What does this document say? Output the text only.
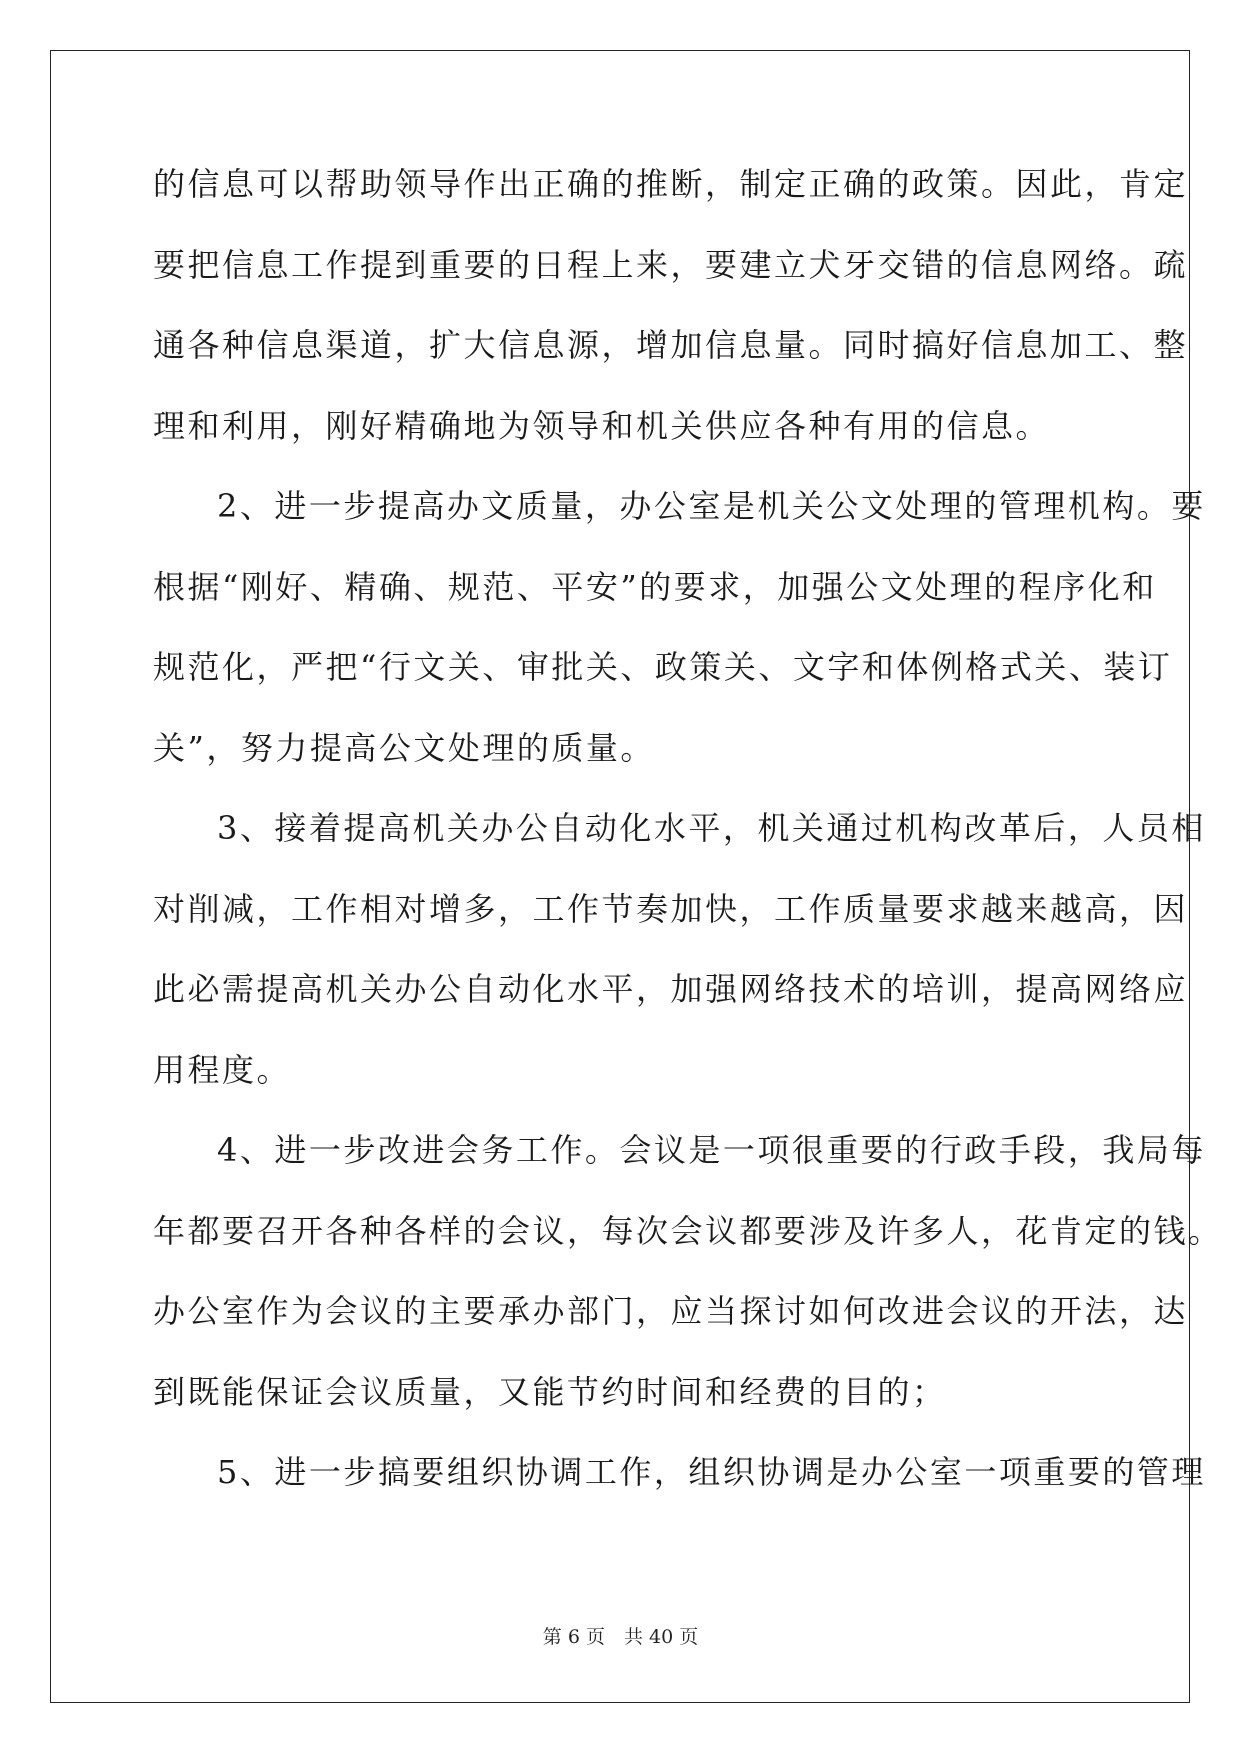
的信息可以帮助领导作出正确的推断，制定正确的政策。因此，肯定
要把信息工作提到重要的日程上来，要建立犬牙交错的信息网络。疏
通各种信息渠道，扩大信息源，增加信息量。同时搞好信息加工、整
理和利用，刚好精确地为领导和机关供应各种有用的信息。
2、进一步提高办文质量，办公室是机关公文处理的管理机构。要
根据“刚好、精确、规范、平安”的要求，加强公文处理的程序化和
规范化，严把“行文关、审批关、政策关、文字和体例格式关、装订
关”，努力提高公文处理的质量。
3、接着提高机关办公自动化水平，机关通过机构改革后，人员相
对削减，工作相对增多，工作节奏加快，工作质量要求越来越高，因
此必需提高机关办公自动化水平，加强网络技术的培训，提高网络应
用程度。
4、进一步改进会务工作。会议是一项很重要的行政手段，我局每
年都要召开各种各样的会议，每次会议都要涉及许多人，花肯定的钱。
办公室作为会议的主要承办部门，应当探讨如何改进会议的开法，达
到既能保证会议质量，又能节约时间和经费的目的；
5、进一步搞要组织协调工作，组织协调是办公室一项重要的管理
第 6 页　共 40 页
